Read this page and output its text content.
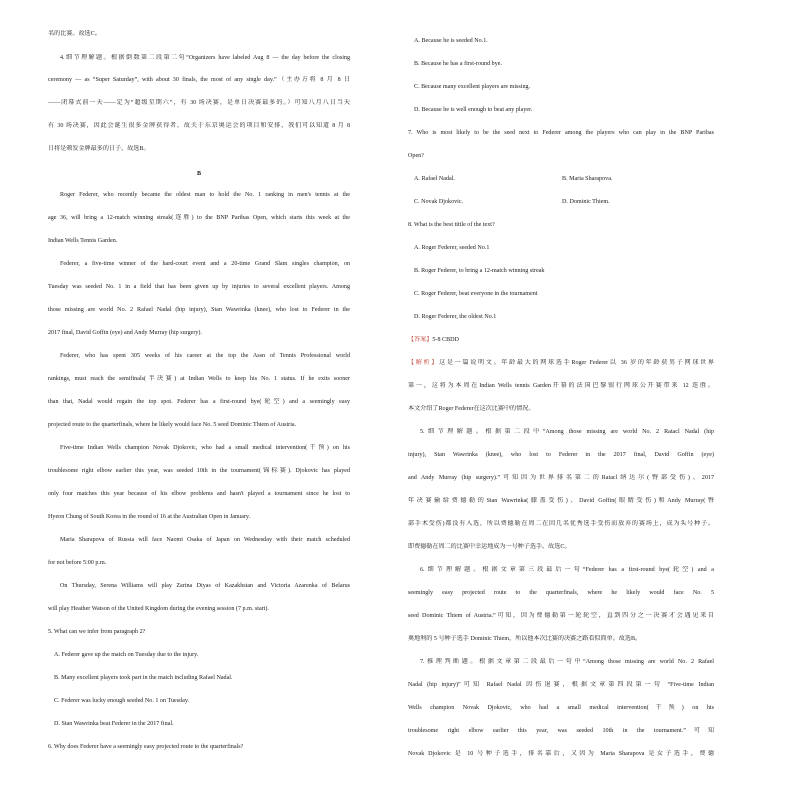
名的比赛。故选C。
4.细节理解题。根据倒数第二段第二句“Organizers have labeled Aug 8 — the day before the closing
ceremony — as “Super Saturday”, with about 30 finals, the most of any single day.”（主办方将 8 月 8 日
——闭幕式前一天——定为“超级星期六”，有 30 场决赛，是单日决赛最多的。）可知八月八日当天
有 30 场决赛，因此会诞生很多金牌获得者，故关于东京奥运会的项目和安排，我们可以知道 8 月 8
日将是颁发金牌最多的日子。故选B。
B
Roger Federer, who recently became the oldest man to hold the No. 1 ranking in men's tennis at the
age 36, will bring a 12-match winning streak(连胜) to the BNP Paribas Open, which starts this week at the
Indian Wells Tennis Garden.
Federer, a five-time winner of the hard-court event and a 20-time Grand Slam singles champion, on
Tuesday was seeded No. 1 in a field that has been given up by injuries to several excellent players. Among
those missing are world No. 2 Rafael Nadal (hip injury), Stan Wawrinka (knee), who lost to Federer in the
2017 final, David Goffin (eye) and Andy Murray (hip surgery).
Federer, who has spent 305 weeks of his career at the top the Assn of Tennis Professional world
rankings, must reach the semifinals(半决赛) at Indian Wells to keep his No. 1 status. If he exits sooner
than that, Nadal would regain the top spot. Federer has a first-round bye(轮空) and a seemingly easy
projected route to the quarterfinals, where he likely would face No. 5 seed Dominic Thiem of Austria.
Five-time Indian Wells champion Novak Djokovic, who had a small medical intervention(干预) on his
troublesome right elbow earlier this year, was seeded 10th in the tournament(锦标赛). Djokovic has played
only four matches this year because of his elbow problems and hasn't played a tournament since he lost to
Hyeon Chung of South Korea in the round of 16 at the Australian Open in January.
Maria Sharapova of Russia will face Naomi Osaka of Japan on Wednesday with their match scheduled
for not before 5:00 p.m.
On Thursday, Serena Williams will play Zarina Diyas of Kazakhstan and Victoria Azarenka of Belarus
will play Heather Watson of the United Kingdom during the evening session (7 p.m. start).
5. What can we infer from paragraph 2?
A. Federer gave up the match on Tuesday due to the injury.
B. Many excellent players took part in the match including Rafael Nadal.
C. Federer was lucky enough seeded No. 1 on Tuesday.
D. Stan Wawrinka beat Federer in the 2017 final.
6. Why does Federer have a seemingly easy projected route to the quarterfinals?
A. Because he is seeded No.1.
B. Because he has a first-round bye.
C. Because many excellent players are missing.
D. Because he is well enough to beat any player.
7. Who is most likely to be the seed next to Federer among the players who can play in the BNP Paribas
Open?
A. Rafael Nadal.	B. Maria Sharapova.
C. Novak Djokovic.	D. Dominic Thiem.
8. What is the best tittle of the text?
A. Roger Federer, seeded No.1
B. Roger Federer, to bring a 12-match winning streak
C. Roger Federer, beat everyone in the tournament
D. Roger Federer, the oldest No.1
【答案】5-8 CBDD
【解析】这是一篇说明文。年龄最大的网球选手Roger Federer以 36 岁的年龄获男子网球世界
第一，这将为本周在Indian Wells tennis Garden开幕的法国巴黎银行网球公开赛带来 12 连胜。
本文介绍了Roger Federer在这次比赛中的情况。
5.细节理解题。根据第二段中“Among those missing are world No. 2 Ratacl Nadal (hip
injury), Stan Wawrinka (knee), who lost to Federer in the 2017 final, David Goffin (eye)
and Andy Murray (hip surgery).”可知因为世界排名第二的Ratacl纳达尔(臀部受伤)、2017
年决赛输给费德勒的Stan Wawrinka(膝盖受伤)、David Goffin(眼睛受伤)和Andy Murray(臀
部手术受伤)都没有入选，所以费德勒在周二在因几名优秀选手受伤而放弃的赛场上，成为头号种子。
即费德勒在周二的比赛中幸运地成为一号种子选手。故选C。
6.细节理解题。根据文章第三段最后一句“Federer has a first-round bye(轮空) and a
seemingly easy projected route to the quarterfinals, where he likely would face No. 5
seed Dominic Thiem of Austria.”可知，因为费德勒第一轮轮空，直到四分之一决赛才会遇见来自
奥地利的 5 号种子选手 Dominic Thiem，所以他本次比赛的决赛之路看似简单。故选B。
7.推理判断题。根据文章第二段最后一句中“Among those missing are world No. 2 Rafael
Nadal (hip injury)”可知 Rafael Nadal 因伤退赛，根据文章第四段第一句 “Five-time Indian
Wells champion Novak Djokovic, who had a small medical intervention(干预) on his
troublesome right elbow earlier this year, was seeded 10th in the tournament.”可知
Novak Djokovic 是 10 号种子选手，排名靠后，又因为 Maria Sharapova 是女子选手，费德
